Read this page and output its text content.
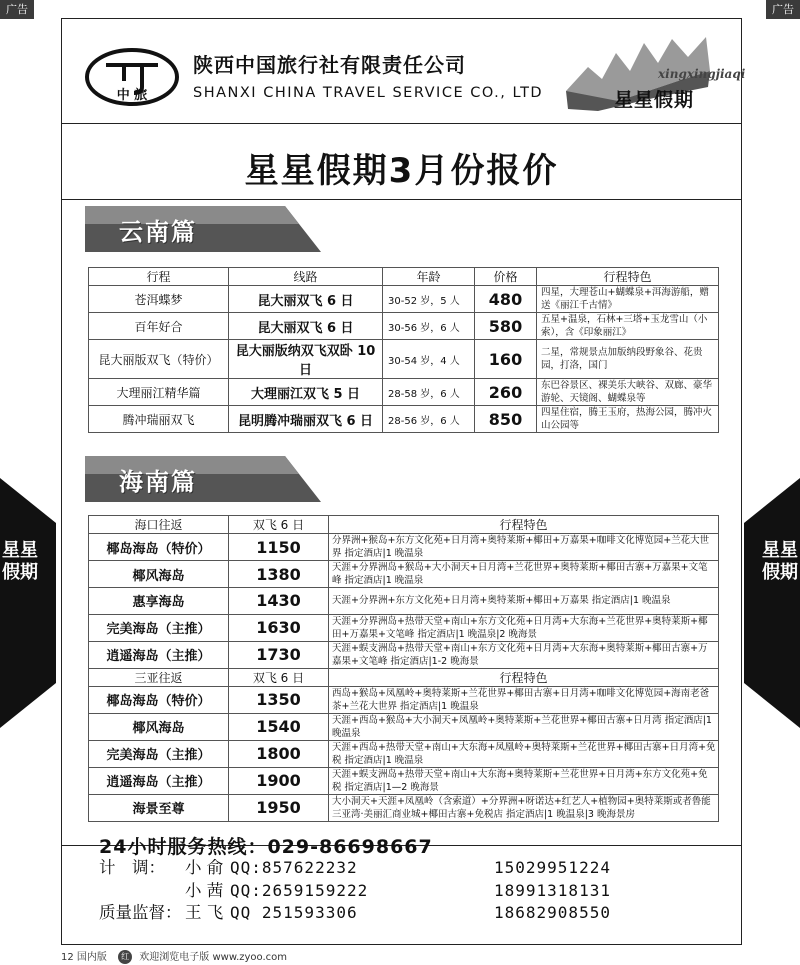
广告	广告
星星假期
星星假期
中 旅
陕西中国旅行社有限责任公司
SHANXI CHINA TRAVEL SERVICE CO., LTD
xingxingjiaqi
星星假期
星星假期3月份报价
云南篇
行程	线路	年龄	价格	行程特色
苍洱蝶梦	昆大丽双飞 6 日	30-52 岁，5 人	480	四星，大理苍山+蝴蝶泉+洱海游船，赠送《丽江千古情》
百年好合	昆大丽双飞 6 日	30-56 岁，6 人	580	五星+温泉，石林+三塔+玉龙雪山（小索），含《印象丽江》
昆大丽版双飞（特价）	昆大丽版纳双飞双卧 10 日	30-54 岁，4 人	160	二星，常规景点加版纳段野象谷、花贵园，打洛，国门
大理丽江精华篇	大理丽江双飞 5 日	28-58 岁，6 人	260	东巴谷景区、裸美乐大峡谷、双廊、豪华游轮、天镜阁、蝴蝶泉等
腾冲瑞丽双飞	昆明腾冲瑞丽双飞 6 日	28-56 岁，6 人	850	四星住宿，腾王玉府，热海公园，腾冲火山公园等
海南篇
海口往返	双飞 6 日	行程特色
椰岛海岛（特价）	1150	分界洲+猴岛+东方文化苑+日月湾+奥特莱斯+椰田+万嘉果+咖啡文化博览园+兰花大世界 指定酒店|1 晚温泉
椰风海岛	1380	天涯+分界洲岛+猴岛+大小洞天+日月湾+兰花世界+奥特莱斯+椰田古寨+万嘉果+文笔峰 指定酒店|1 晚温泉
惠享海岛	1430	天涯+分界洲+东方文化苑+日月湾+奥特莱斯+椰田+万嘉果 指定酒店|1 晚温泉
完美海岛（主推）	1630	天涯+分界洲岛+热带天堂+南山+东方文化苑+日月湾+大东海+兰花世界+奥特莱斯+椰田+万嘉果+文笔峰 指定酒店|1 晚温泉|2 晚海景
逍遥海岛（主推）	1730	天涯+蜈支洲岛+热带天堂+南山+东方文化苑+日月湾+大东海+奥特莱斯+椰田古寨+万嘉果+文笔峰 指定酒店|1-2 晚海景
三亚往返	双飞 6 日	行程特色
椰岛海岛（特价）	1350	西岛+猴岛+凤凰岭+奥特莱斯+兰花世界+椰田古寨+日月湾+咖啡文化博览园+海南老爸茶+兰花大世界 指定酒店|1 晚温泉
椰风海岛	1540	天涯+西岛+猴岛+大小洞天+凤凰岭+奥特莱斯+兰花世界+椰田古寨+日月湾 指定酒店|1 晚温泉
完美海岛（主推）	1800	天涯+西岛+热带天堂+南山+大东海+凤凰岭+奥特莱斯+兰花世界+椰田古寨+日月湾+免税 指定酒店|1 晚温泉
逍遥海岛（主推）	1900	天涯+蜈支洲岛+热带天堂+南山+大东海+奥特莱斯+兰花世界+日月湾+东方文化苑+免税 指定酒店|1—2 晚海景
海景至尊	1950	大小洞天+天涯+凤凰岭（含索道）+分界洲+呀诺达+红艺人+植物园+奥特莱斯或者鲁能三亚湾·美丽汇商业城+椰田古寨+免税店 指定酒店|1 晚温泉|3 晚海景房
24小时服务热线：029-86698667
计　调： 小 俞 QQ:857622232	15029951224
小 茜 QQ:2659159222	18991318131
质量监督： 王 飞 QQ 251593306	18682908550
12 国内版 红 欢迎浏览电子版 www.zyoo.com
